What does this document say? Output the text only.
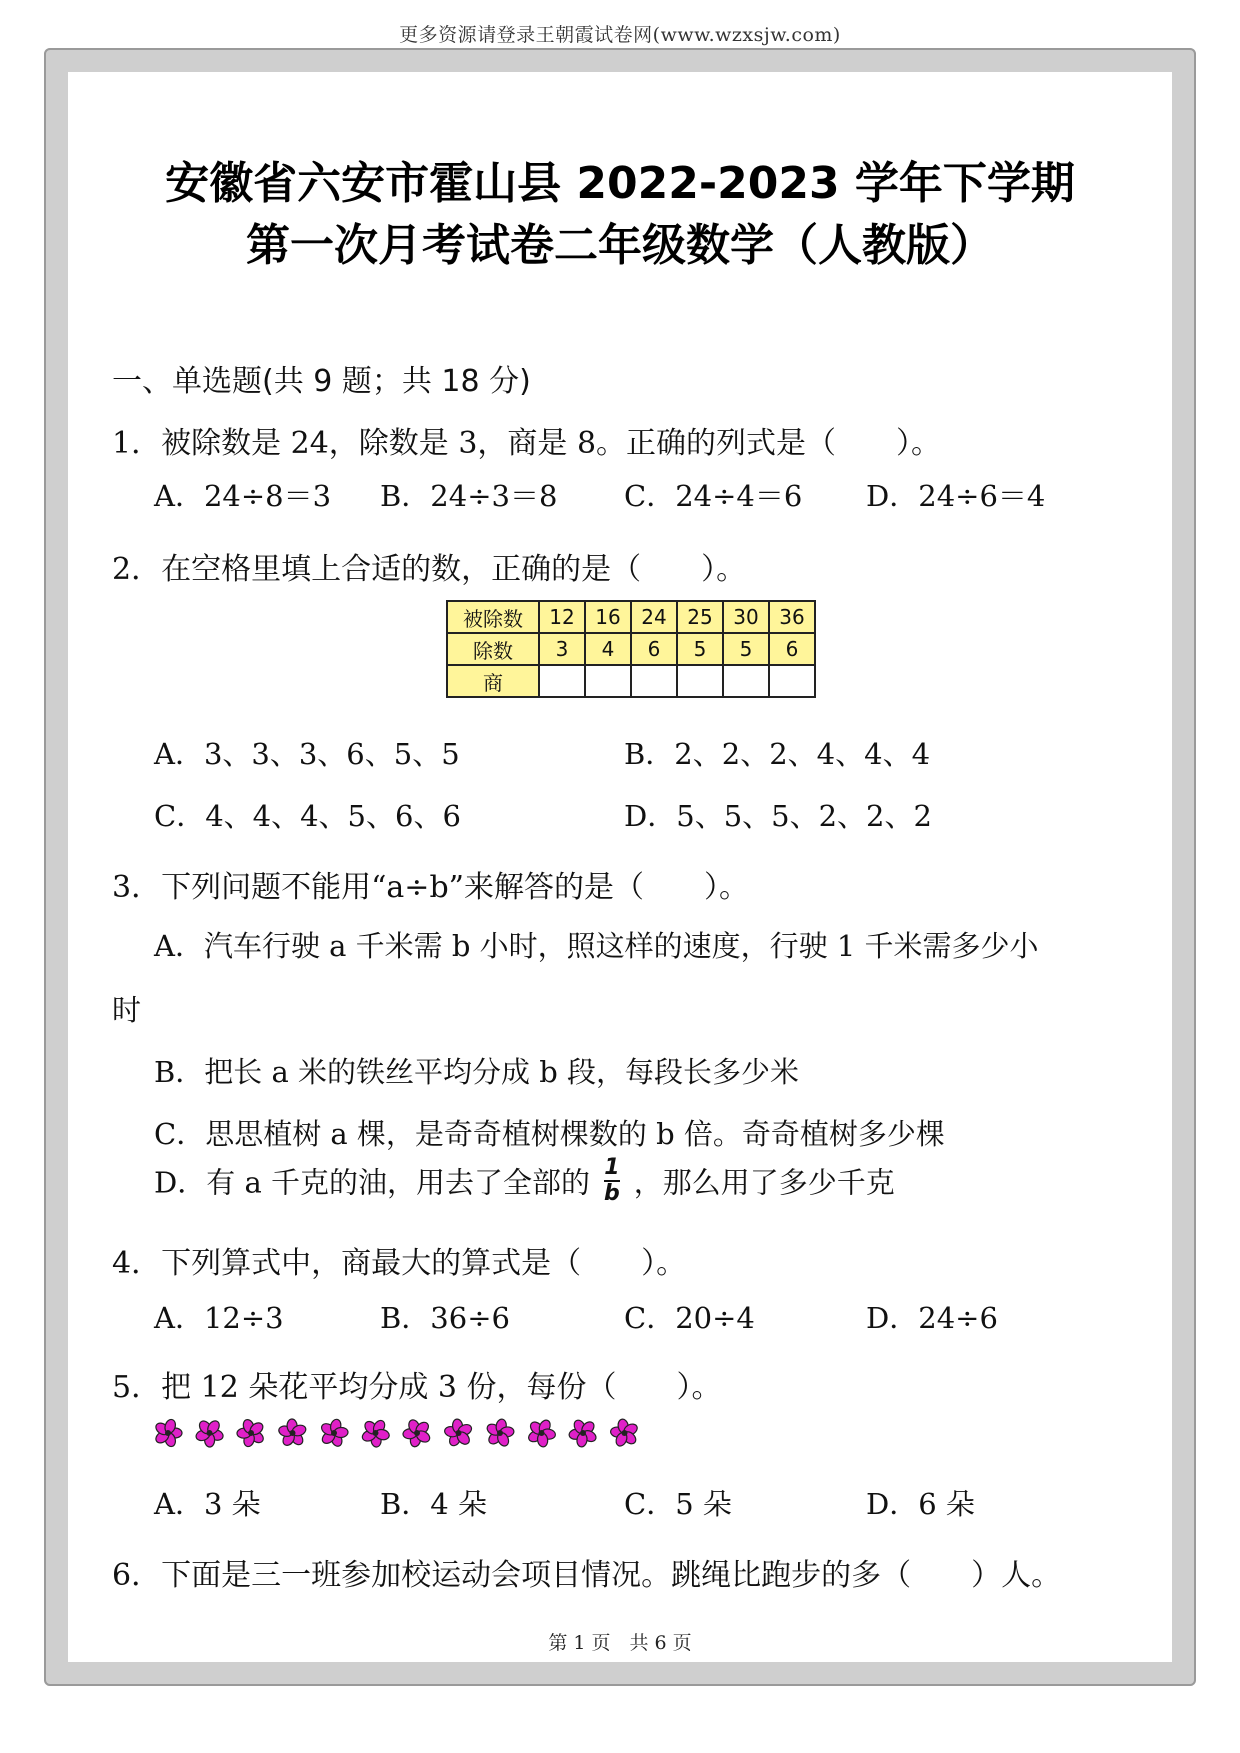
更多资源请登录王朝霞试卷网(www.wzxsjw.com)
安徽省六安市霍山县 2022-2023 学年下学期
第一次月考试卷二年级数学（人教版）
一、单选题(共 9 题；共 18 分)
1．被除数是 24，除数是 3，商是 8。正确的列式是（　　）。
A．24÷8＝3 B．24÷3＝8 C．24÷4＝6 D．24÷6＝4
2．在空格里填上合适的数，正确的是（　　）。
被除数	12	16	24	25	30	36
除数	3	4	6	5	5	6
商						
A．3、3、3、6、5、5	B．2、2、2、4、4、4
C．4、4、4、5、6、6	D．5、5、5、2、2、2
3．下列问题不能用“a÷b”来解答的是（　　）。
A．汽车行驶 a 千米需 b 小时，照这样的速度，行驶 1 千米需多少小
时
B．把长 a 米的铁丝平均分成 b 段，每段长多少米
C．思思植树 a 棵，是奇奇植树棵数的 b 倍。奇奇植树多少棵
D．有 a 千克的油，用去了全部的 $\frac{1}{b}$ ，那么用了多少千克
4．下列算式中，商最大的算式是（　　）。
A．12÷3	B．36÷6	C．20÷4	D．24÷6
5．把 12 朵花平均分成 3 份，每份（　　）。
A．3 朵	B．4 朵	C．5 朵	D．6 朵
6．下面是三一班参加校运动会项目情况。跳绳比跑步的多（　　）人。
第 1 页　共 6 页
